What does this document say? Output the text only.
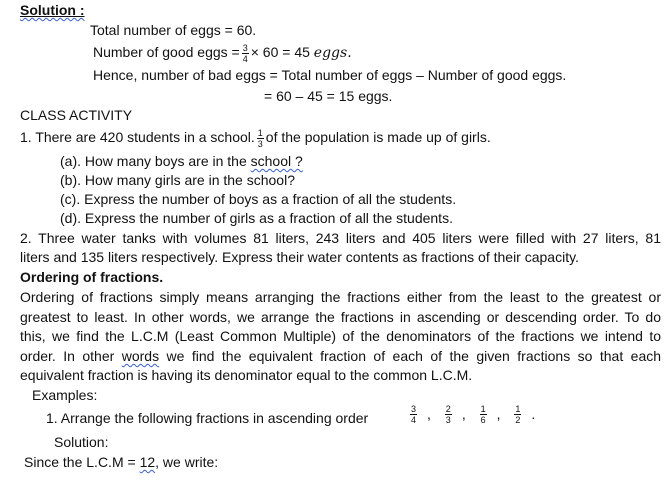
Solution :
Total number of eggs = 60.
Number of good eggs = $\frac{3}{4} \times 60 = 45$ eggs.
Hence, number of bad eggs = Total number of eggs – Number of good eggs.
= 60 – 45 = 15 eggs.
CLASS ACTIVITY
1. There are 420 students in a school. $\frac{1}{3}$ of the population is made up of girls.
(a). How many boys are in the school ?
(b). How many girls are in the school?
(c). Express the number of boys as a fraction of all the students.
(d). Express the number of girls as a fraction of all the students.
2. Three water tanks with volumes 81 liters, 243 liters and 405 liters were filled with 27 liters, 81
liters and 135 liters respectively. Express their water contents as fractions of their capacity.
Ordering of fractions.
Ordering of fractions simply means arranging the fractions either from the least to the greatest or
greatest to least. In other words, we arrange the fractions in ascending or descending order. To do
this, we find the L.C.M (Least Common Multiple) of the denominators of the fractions we intend to
order. In other words we find the equivalent fraction of each of the given fractions so that each
equivalent fraction is having its denominator equal to the common L.C.M.
Examples:
1. Arrange the following fractions in ascending order	$\frac{3}{4}$ , $\frac{2}{3}$ , $\frac{1}{6}$ , $\frac{1}{2}$ .
Solution:
Since the L.C.M = 12, we write:
